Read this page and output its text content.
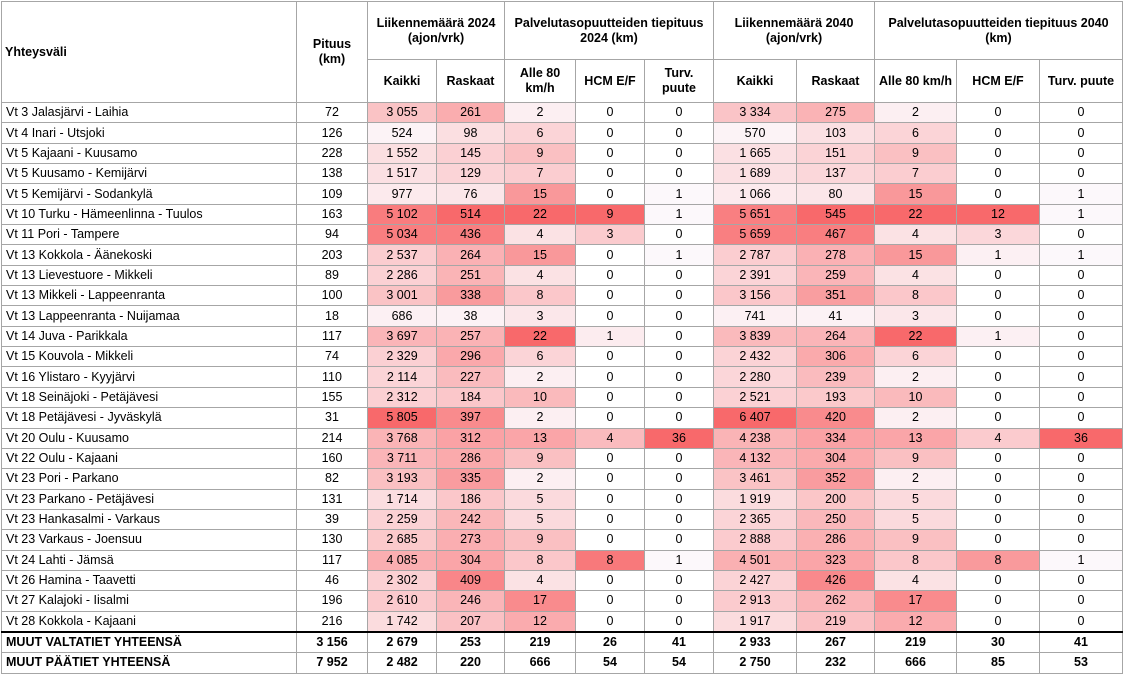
Yhteysväli	Pituus (km)	Liikennemäärä 2024 (ajon/vrk)		Palvelutasopuutteiden tiepituus 2024 (km)			Liikennemäärä 2040 (ajon/vrk)		Palvelutasopuutteiden tiepituus 2040 (km)		
		Kaikki	Raskaat	Alle 80 km/h	HCM E/F	Turv. puute	Kaikki	Raskaat	Alle 80 km/h	HCM E/F	Turv. puute
Vt 3 Jalasjärvi - Laihia	72	3 055	261	2	0	0	3 334	275	2	0	0
Vt 4 Inari - Utsjoki	126	524	98	6	0	0	570	103	6	0	0
Vt 5 Kajaani - Kuusamo	228	1 552	145	9	0	0	1 665	151	9	0	0
Vt 5 Kuusamo - Kemijärvi	138	1 517	129	7	0	0	1 689	137	7	0	0
Vt 5 Kemijärvi - Sodankylä	109	977	76	15	0	1	1 066	80	15	0	1
Vt 10 Turku - Hämeenlinna - Tuulos	163	5 102	514	22	9	1	5 651	545	22	12	1
Vt 11 Pori - Tampere	94	5 034	436	4	3	0	5 659	467	4	3	0
Vt 13 Kokkola - Äänekoski	203	2 537	264	15	0	1	2 787	278	15	1	1
Vt 13 Lievestuore - Mikkeli	89	2 286	251	4	0	0	2 391	259	4	0	0
Vt 13 Mikkeli - Lappeenranta	100	3 001	338	8	0	0	3 156	351	8	0	0
Vt 13 Lappeenranta - Nuijamaa	18	686	38	3	0	0	741	41	3	0	0
Vt 14 Juva - Parikkala	117	3 697	257	22	1	0	3 839	264	22	1	0
Vt 15 Kouvola - Mikkeli	74	2 329	296	6	0	0	2 432	306	6	0	0
Vt 16 Ylistaro - Kyyjärvi	110	2 114	227	2	0	0	2 280	239	2	0	0
Vt 18 Seinäjoki - Petäjävesi	155	2 312	184	10	0	0	2 521	193	10	0	0
Vt 18 Petäjävesi - Jyväskylä	31	5 805	397	2	0	0	6 407	420	2	0	0
Vt 20 Oulu - Kuusamo	214	3 768	312	13	4	36	4 238	334	13	4	36
Vt 22 Oulu - Kajaani	160	3 711	286	9	0	0	4 132	304	9	0	0
Vt 23 Pori - Parkano	82	3 193	335	2	0	0	3 461	352	2	0	0
Vt 23 Parkano - Petäjävesi	131	1 714	186	5	0	0	1 919	200	5	0	0
Vt 23 Hankasalmi - Varkaus	39	2 259	242	5	0	0	2 365	250	5	0	0
Vt 23 Varkaus - Joensuu	130	2 685	273	9	0	0	2 888	286	9	0	0
Vt 24 Lahti - Jämsä	117	4 085	304	8	8	1	4 501	323	8	8	1
Vt 26 Hamina - Taavetti	46	2 302	409	4	0	0	2 427	426	4	0	0
Vt 27 Kalajoki - Iisalmi	196	2 610	246	17	0	0	2 913	262	17	0	0
Vt 28 Kokkola - Kajaani	216	1 742	207	12	0	0	1 917	219	12	0	0
MUUT VALTATIET YHTEENSÄ	3 156	2 679	253	219	26	41	2 933	267	219	30	41
MUUT PÄÄTIET YHTEENSÄ	7 952	2 482	220	666	54	54	2 750	232	666	85	53
